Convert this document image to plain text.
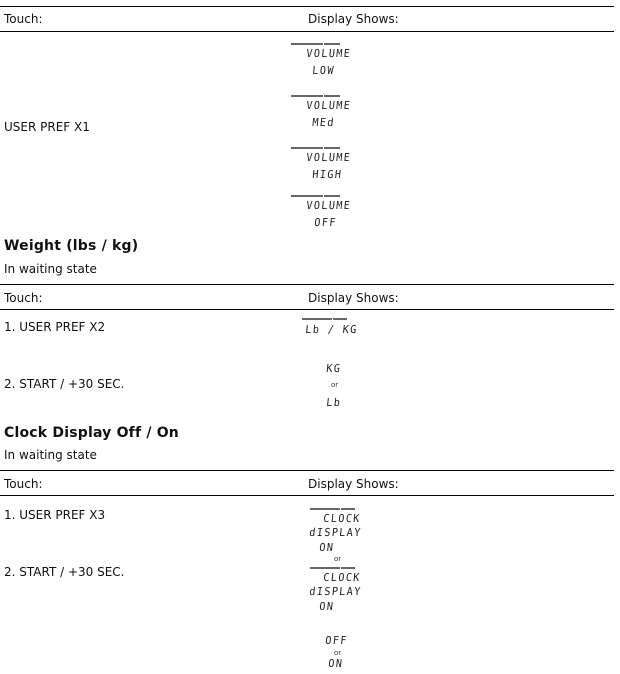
Touch:	Display Shows:
USER PREF X1

VOLUME
LOW

VOLUME
MEd

VOLUME
HIGH

VOLUME
OFF
Weight (lbs / kg)
In waiting state
Touch:	Display Shows:
1. USER PREF X2
	Lb / KG
2. START / +30 SEC.
KG
or
Lb
Clock Display Off / On
In waiting state
Touch:	Display Shows:
1. USER PREF X3
	CLOCK
dISPLAY
ON
or
2. START / +30 SEC.
	CLOCK
dISPLAY
ON
OFF
or
ON
